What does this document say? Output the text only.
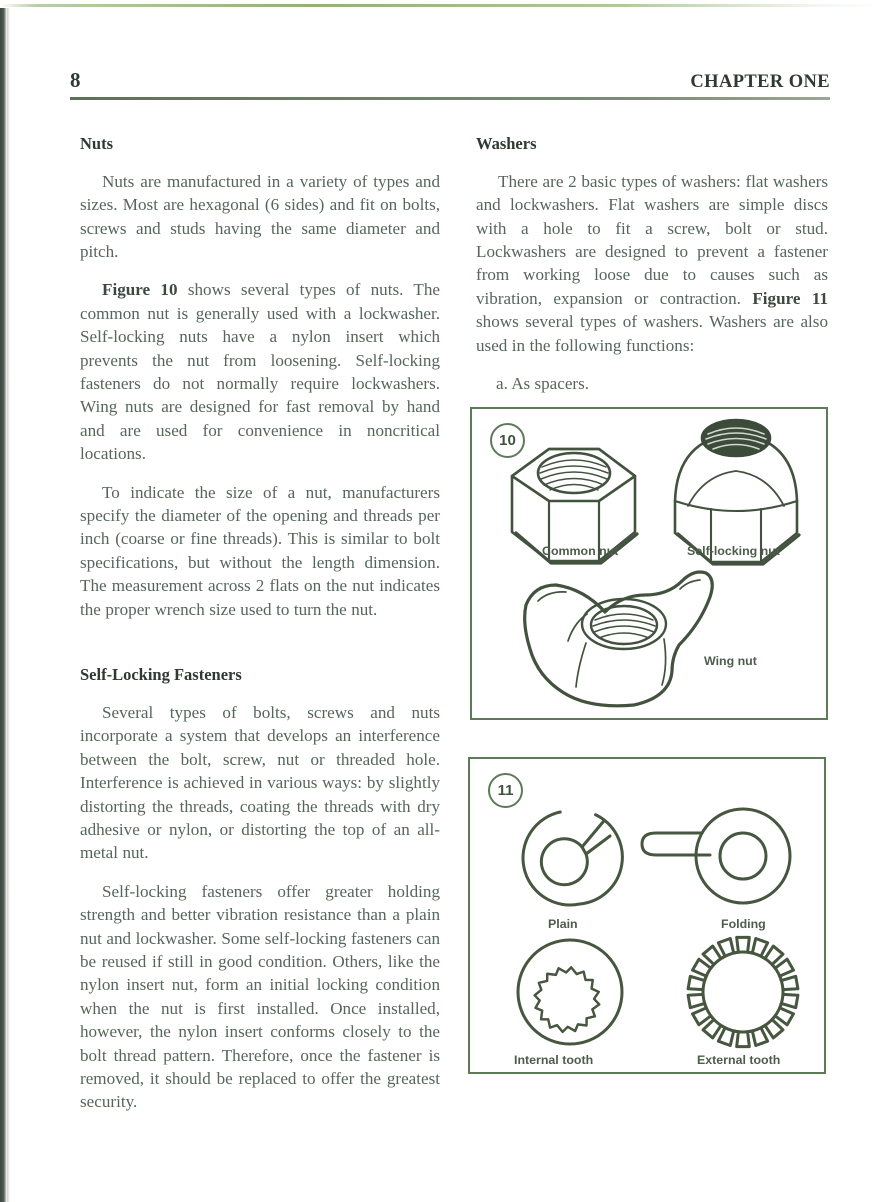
8	CHAPTER ONE
Nuts

Nuts are manufactured in a variety of types and sizes. Most are hexagonal (6 sides) and fit on bolts, screws and studs having the same diameter and pitch.

Figure 10 shows several types of nuts. The common nut is generally used with a lockwasher. Self-locking nuts have a nylon insert which prevents the nut from loosening. Self-locking fasteners do not normally require lockwashers. Wing nuts are designed for fast removal by hand and are used for convenience in noncritical locations.

To indicate the size of a nut, manufacturers specify the diameter of the opening and threads per inch (coarse or fine threads). This is similar to bolt specifications, but without the length dimension. The measurement across 2 flats on the nut indicates the proper wrench size used to turn the nut.

Self-Locking Fasteners

Several types of bolts, screws and nuts incorporate a system that develops an interference between the bolt, screw, nut or threaded hole. Interference is achieved in various ways: by slightly distorting the threads, coating the threads with dry adhesive or nylon, or distorting the top of an all-metal nut.

Self-locking fasteners offer greater holding strength and better vibration resistance than a plain nut and lockwasher. Some self-locking fasteners can be reused if still in good condition. Others, like the nylon insert nut, form an initial locking condition when the nut is first installed. Once installed, however, the nylon insert conforms closely to the bolt thread pattern. Therefore, once the fastener is removed, it should be replaced to offer the greatest security.

Washers

There are 2 basic types of washers: flat washers and lockwashers. Flat washers are simple discs with a hole to fit a screw, bolt or stud. Lockwashers are designed to prevent a fastener from working loose due to causes such as vibration, expansion or contraction. Figure 11 shows several types of washers. Washers are also used in the following functions:

a. As spacers.

10
Common nut	Self-locking nut
Wing nut
11
Plain	Folding
Internal tooth	External tooth
